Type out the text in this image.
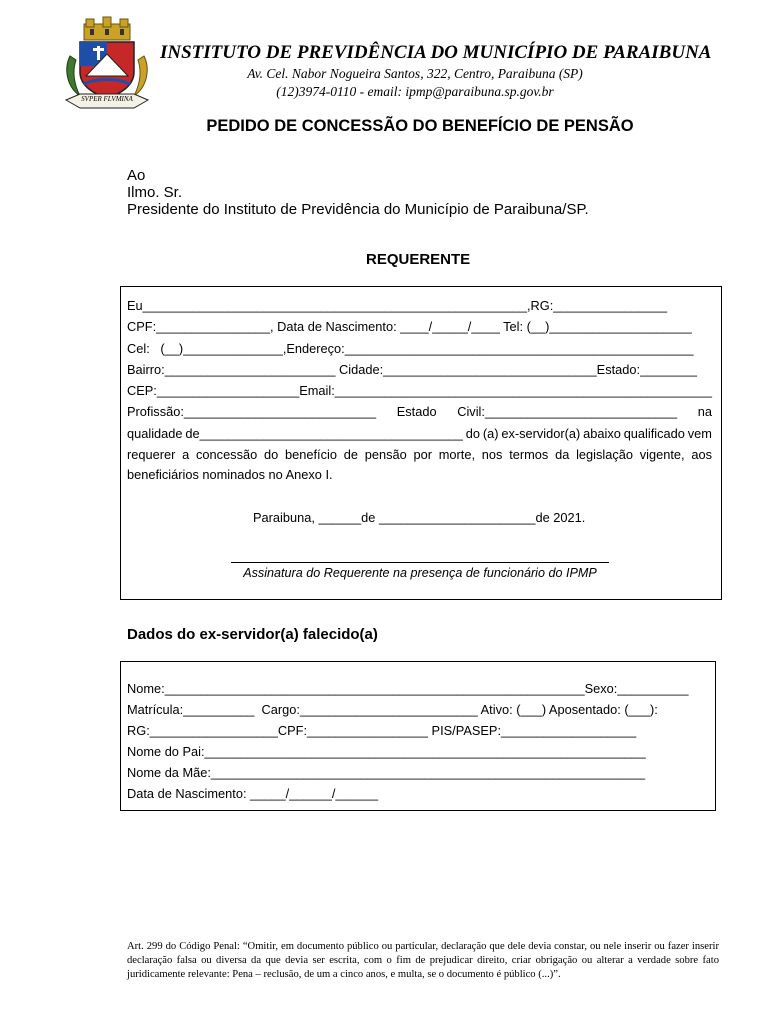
SVPER FLVMINA
INSTITUTO DE PREVIDÊNCIA DO MUNICÍPIO DE PARAIBUNA
Av. Cel. Nabor Nogueira Santos, 322, Centro, Paraibuna (SP)
(12)3974-0110 - email: ipmp@paraibuna.sp.gov.br
PEDIDO DE CONCESSÃO DO BENEFÍCIO DE PENSÃO
Ao
Ilmo. Sr.
Presidente do Instituto de Previdência do Município de Paraibuna/SP.
REQUERENTE
Eu______________________________________________________,RG:________________
CPF:________________, Data de Nascimento: ____/_____/____ Tel: (__)____________________
Cel:   (__)______________,Endereço:_________________________________________________
Bairro:________________________ Cidade:______________________________Estado:________
CEP:____________________Email:_____________________________________________________
Profissão:___________________________ Estado Civil:___________________________ na
qualidade de_____________________________________ do (a) ex-servidor(a) abaixo qualificado vem
requerer a concessão do benefício de pensão por morte, nos termos da legislação vigente, aos
beneficiários nominados no Anexo I.
Paraibuna, ______de ______________________de 2021.
Assinatura do Requerente na presença de funcionário do IPMP
Dados do ex-servidor(a) falecido(a)
Nome:___________________________________________________________Sexo:__________
Matrícula:__________  Cargo:_________________________ Ativo: (___) Aposentado: (___):
RG:__________________CPF:_________________ PIS/PASEP:___________________
Nome do Pai:______________________________________________________________
Nome da Mãe:_____________________________________________________________
Data de Nascimento: _____/______/______
Art. 299 do Código Penal: “Omitir, em documento público ou particular, declaração que dele devia constar, ou nele inserir ou fazer inserir declaração falsa ou diversa da que devia ser escrita, com o fim de prejudicar direito, criar obrigação ou alterar a verdade sobre fato juridicamente relevante: Pena – reclusão, de um a cinco anos, e multa, se o documento é público (...)”.
